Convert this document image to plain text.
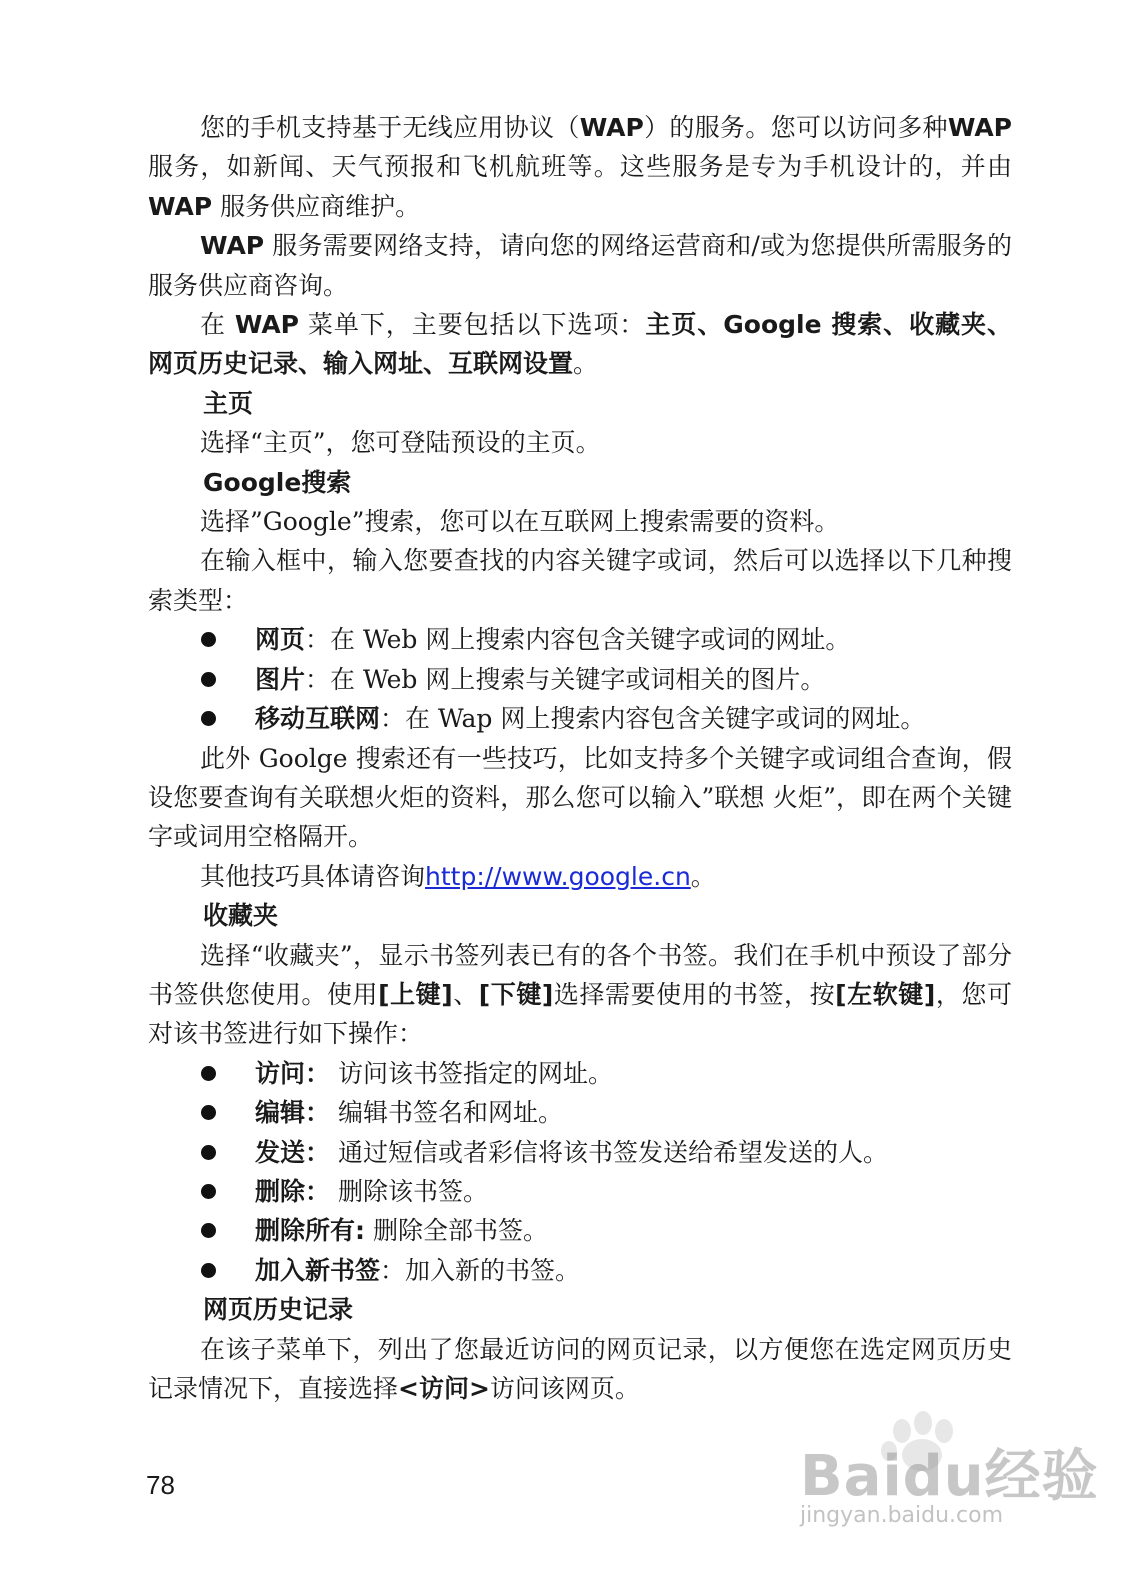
您的手机支持基于无线应用协议（WAP）的服务。您可以访问多种WAP 服务，如新闻、天气预报和飞机航班等。这些服务是专为手机设计的，并由 WAP 服务供应商维护。

WAP 服务需要网络支持，请向您的网络运营商和/或为您提供所需服务的服务供应商咨询。

在 WAP 菜单下，主要包括以下选项：主页、Google 搜索、收藏夹、网页历史记录、输入网址、互联网设置。

主页

选择“主页”，您可登陆预设的主页。

Google搜索

选择”Google”搜索，您可以在互联网上搜索需要的资料。

在输入框中，输入您要查找的内容关键字或词，然后可以选择以下几种搜索类型：

网页：在 Web 网上搜索内容包含关键字或词的网址。

图片：在 Web 网上搜索与关键字或词相关的图片。

移动互联网：在 Wap 网上搜索内容包含关键字或词的网址。

此外 Goolge 搜索还有一些技巧，比如支持多个关键字或词组合查询，假设您要查询有关联想火炬的资料，那么您可以输入”联想 火炬”，即在两个关键字或词用空格隔开。

其他技巧具体请咨询http://www.google.cn。

收藏夹

选择“收藏夹”，显示书签列表已有的各个书签。我们在手机中预设了部分书签供您使用。使用[上键]、[下键]选择需要使用的书签，按[左软键]，您可对该书签进行如下操作：

访问： 访问该书签指定的网址。

编辑： 编辑书签名和网址。

发送： 通过短信或者彩信将该书签发送给希望发送的人。

删除： 删除该书签。

删除所有: 删除全部书签。

加入新书签：加入新的书签。

网页历史记录

在该子菜单下，列出了您最近访问的网页记录，以方便您在选定网页历史记录情况下，直接选择<访问>访问该网页。

78	Baidu经验
jingyan.baidu.com
